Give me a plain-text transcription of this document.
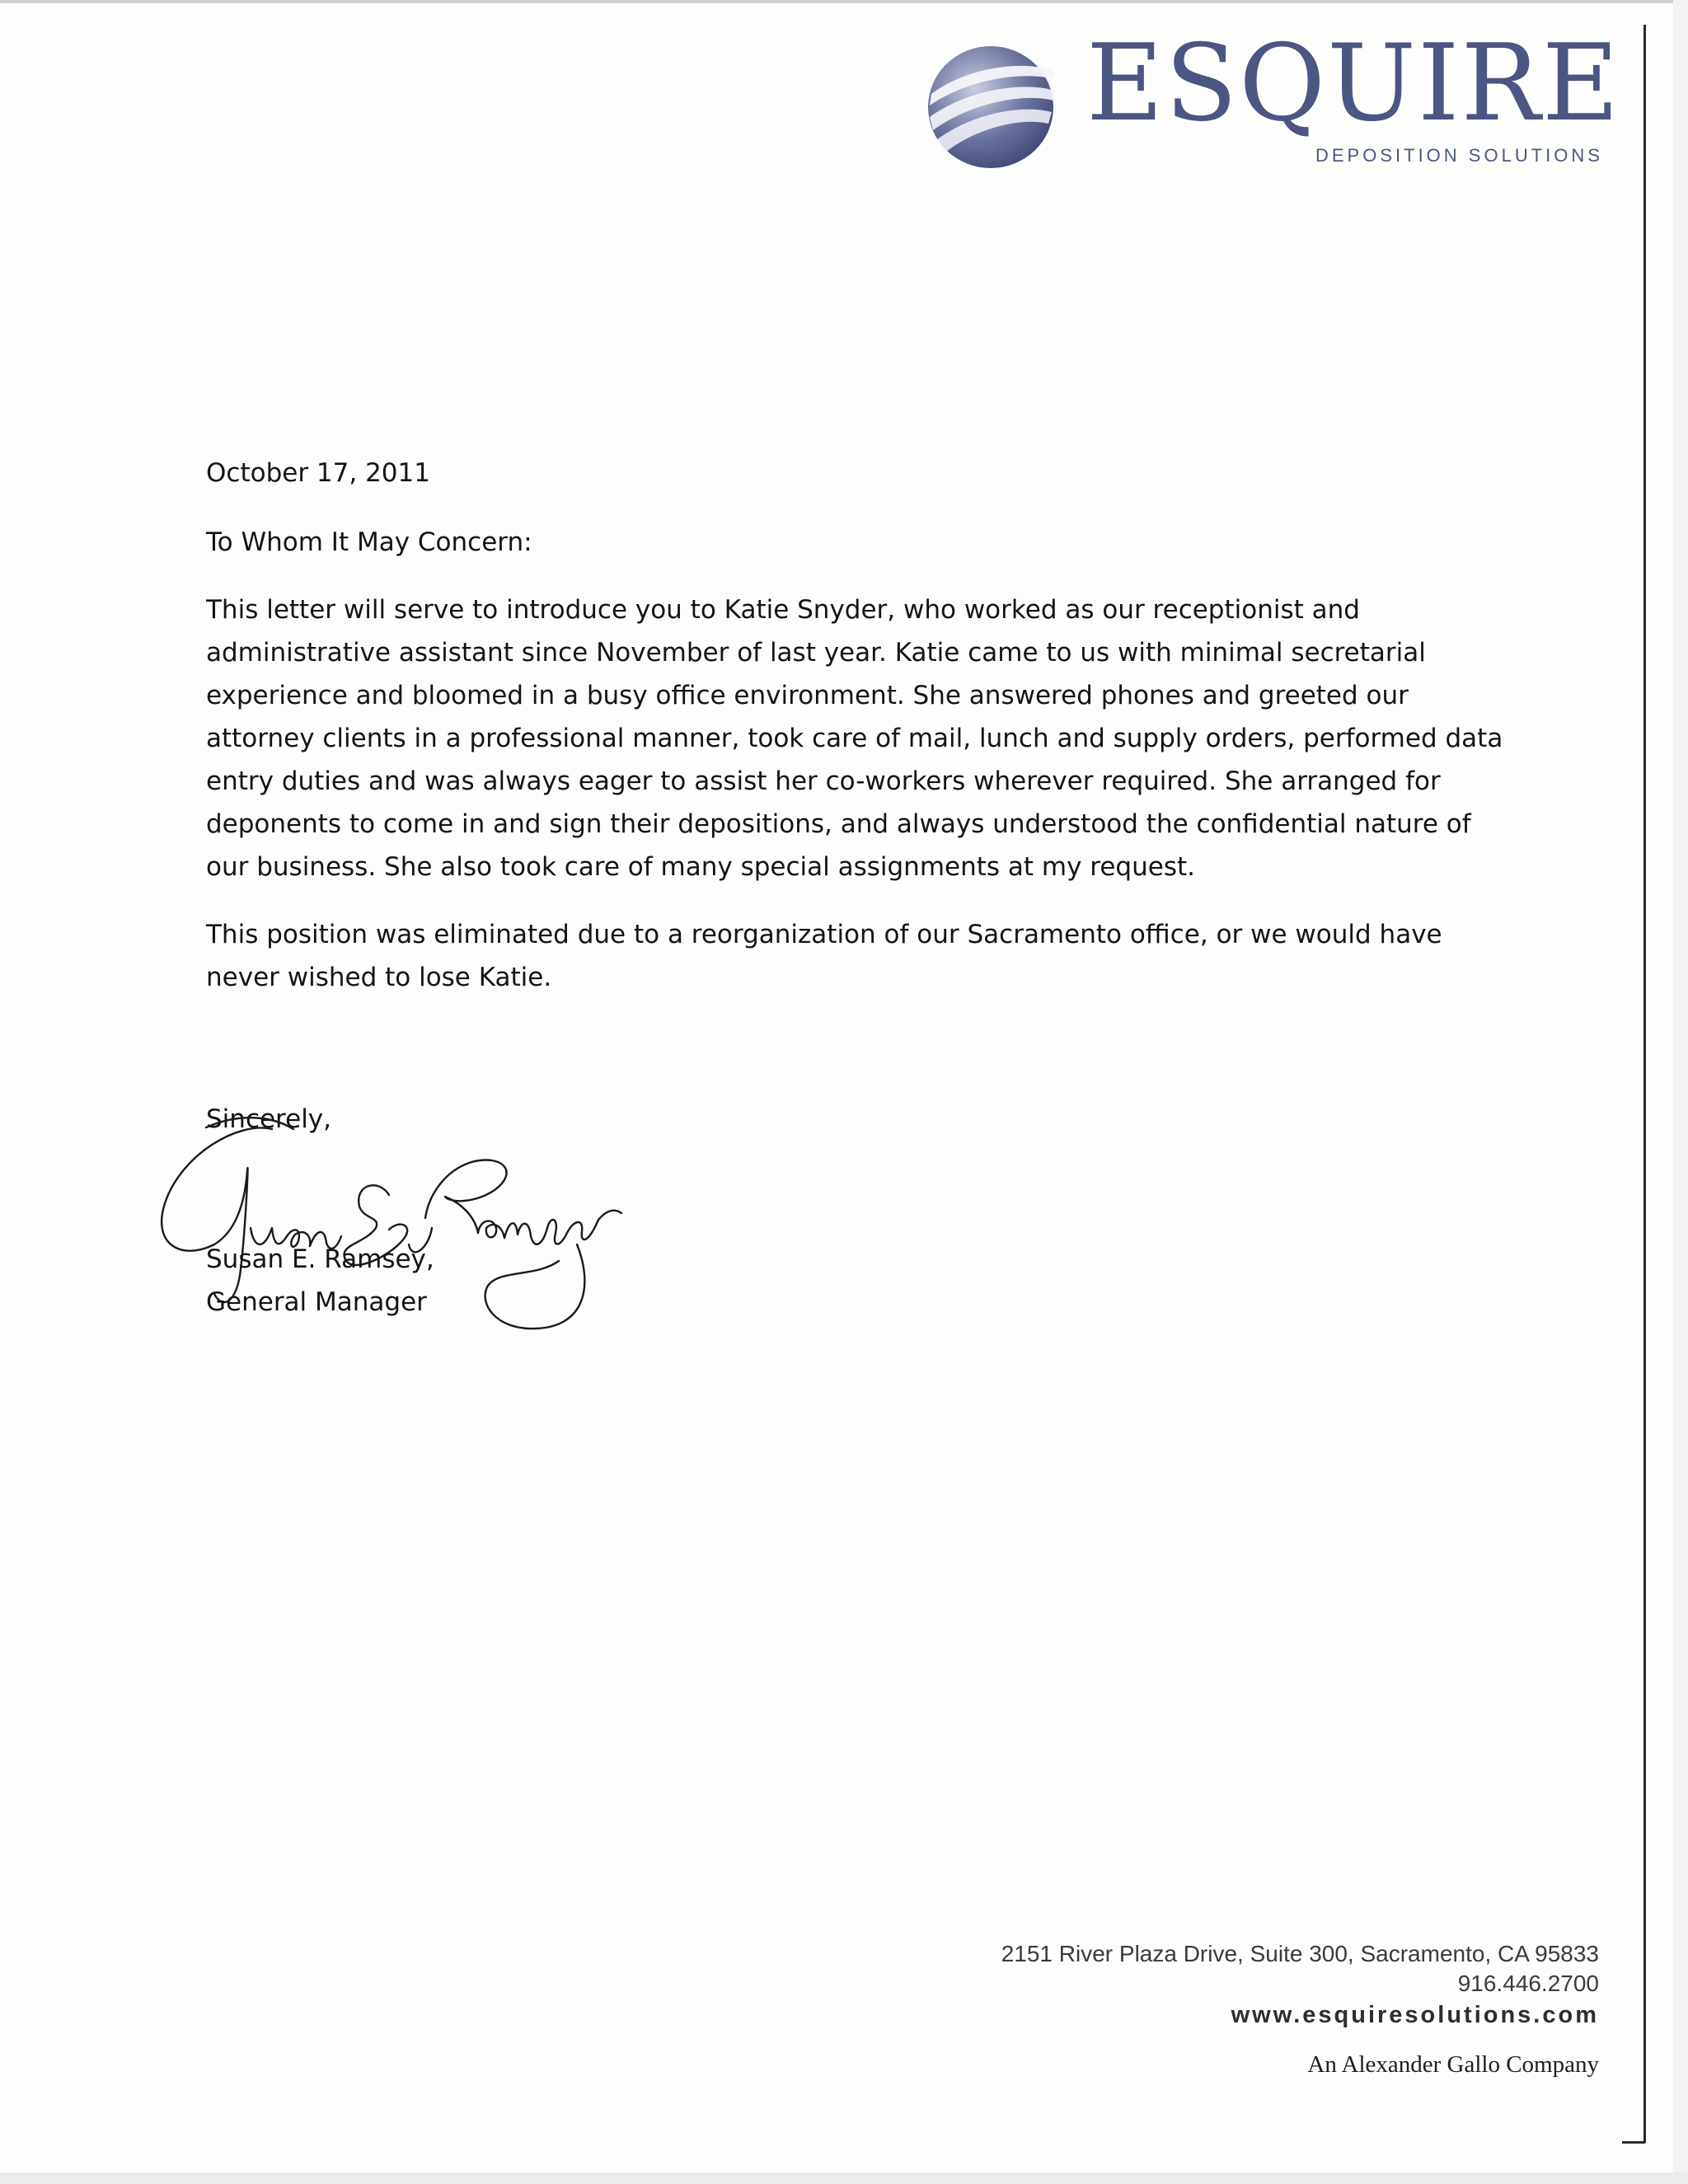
ESQUIRE
DEPOSITION SOLUTIONS
October 17, 2011
To Whom It May Concern:
This letter will serve to introduce you to Katie Snyder, who worked as our receptionist and administrative assistant since November of last year. Katie came to us with minimal secretarial experience and bloomed in a busy office environment. She answered phones and greeted our attorney clients in a professional manner, took care of mail, lunch and supply orders, performed data entry duties and was always eager to assist her co-workers wherever required. She arranged for deponents to come in and sign their depositions, and always understood the confidential nature of our business. She also took care of many special assignments at my request.
This position was eliminated due to a reorganization of our Sacramento office, or we would have never wished to lose Katie.
Sincerely,
Susan E. Ramsey,
General Manager
2151 River Plaza Drive, Suite 300, Sacramento, CA 95833
916.446.2700
www.esquiresolutions.com
An Alexander Gallo Company
